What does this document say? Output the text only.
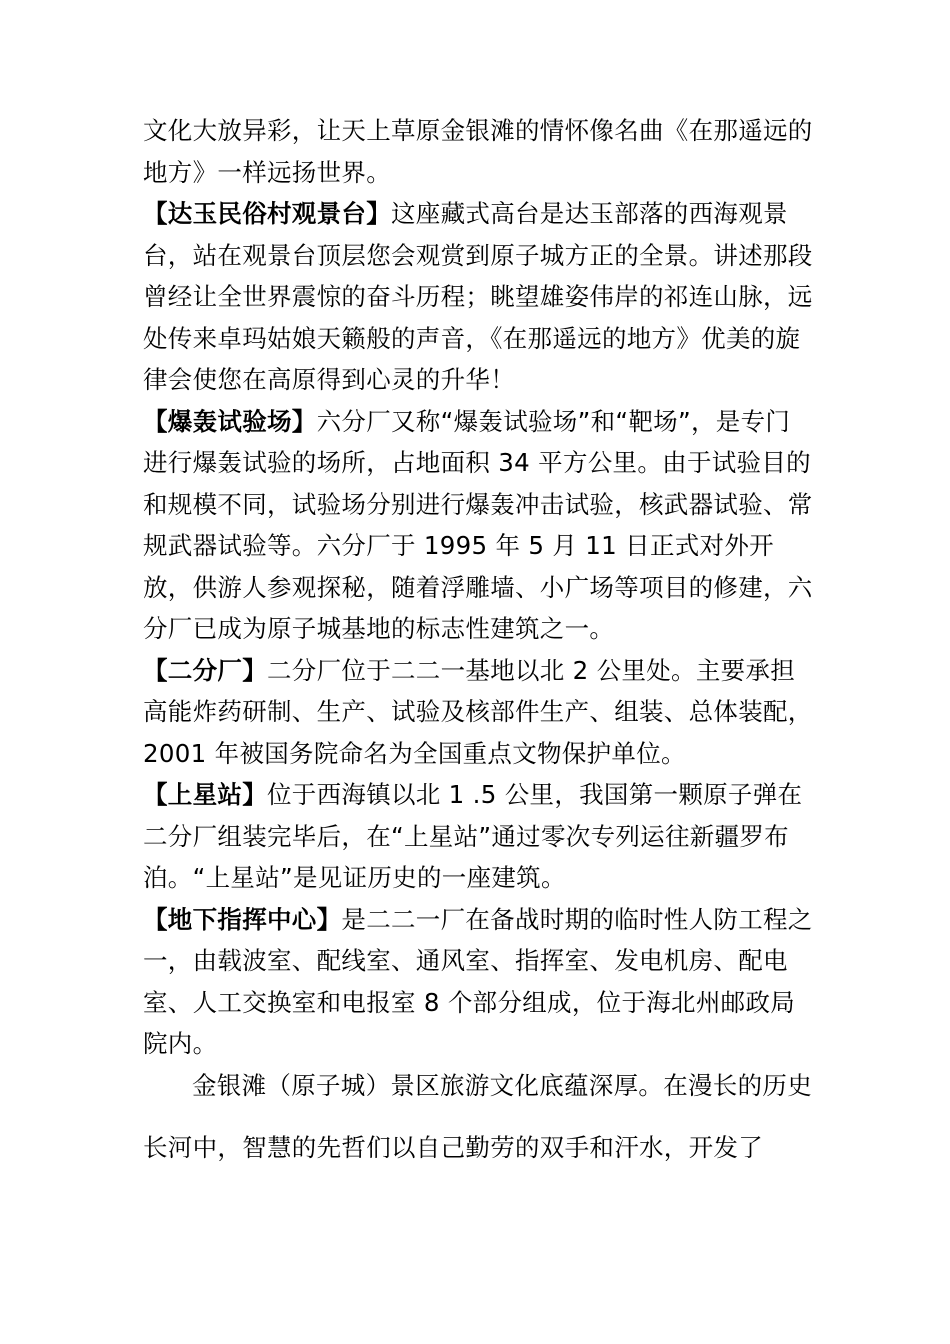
文化大放异彩，让天上草原金银滩的情怀像名曲《在那遥远的地方》一样远扬世界。

【达玉民俗村观景台】这座藏式高台是达玉部落的西海观景台，站在观景台顶层您会观赏到原子城方正的全景。讲述那段曾经让全世界震惊的奋斗历程；眺望雄姿伟岸的祁连山脉，远处传来卓玛姑娘天籁般的声音，《在那遥远的地方》优美的旋律会使您在高原得到心灵的升华！

【爆轰试验场】六分厂又称“爆轰试验场”和“靶场”，是专门进行爆轰试验的场所，占地面积 34 平方公里。由于试验目的和规模不同，试验场分别进行爆轰冲击试验，核武器试验、常规武器试验等。六分厂于 1995 年 5 月 11 日正式对外开放，供游人参观探秘，随着浮雕墙、小广场等项目的修建，六分厂已成为原子城基地的标志性建筑之一。

【二分厂】二分厂位于二二一基地以北 2 公里处。主要承担高能炸药研制、生产、试验及核部件生产、组装、总体装配，2001 年被国务院命名为全国重点文物保护单位。

【上星站】位于西海镇以北 1 .5 公里，我国第一颗原子弹在二分厂组装完毕后，在“上星站”通过零次专列运往新疆罗布泊。“上星站”是见证历史的一座建筑。

【地下指挥中心】是二二一厂在备战时期的临时性人防工程之一，由载波室、配线室、通风室、指挥室、发电机房、配电室、人工交换室和电报室 8 个部分组成，位于海北州邮政局院内。

金银滩（原子城）景区旅游文化底蕴深厚。在漫长的历史长河中，智慧的先哲们以自己勤劳的双手和汗水，开发了
